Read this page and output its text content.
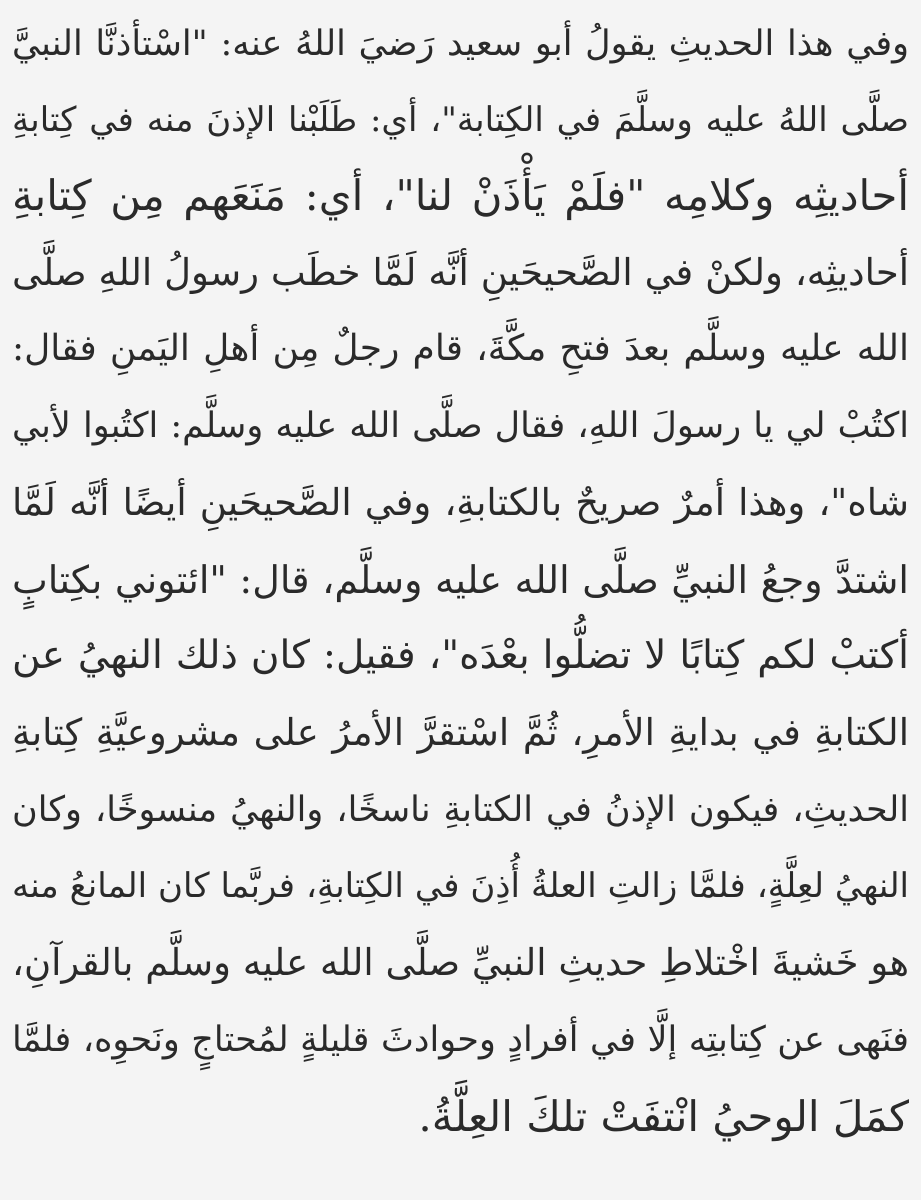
وفي هذا الحديثِ يقولُ أبو سعيد رَضيَ اللهُ عنه: "اسْتأذنَّا النبيَّ
صلَّى اللهُ عليه وسلَّمَ في الكِتابة"، أي: طَلَبْنا الإذنَ منه في كِتابةِ
أحاديثِه وكلامِه "فلَمْ يَأْذَنْ لنا"، أي: مَنَعَهم مِن كِتابةِ
أحاديثِه، ولكنْ في الصَّحيحَينِ أنَّه لَمَّا خطَب رسولُ اللهِ صلَّى
الله عليه وسلَّم بعدَ فتحِ مكَّةَ، قام رجلٌ مِن أهلِ اليَمنِ فقال:
اكتُبْ لي يا رسولَ اللهِ، فقال صلَّى الله عليه وسلَّم: اكتُبوا لأبي
شاه"، وهذا أمرٌ صريحٌ بالكتابةِ، وفي الصَّحيحَينِ أيضًا أنَّه لَمَّا
اشتدَّ وجعُ النبيِّ صلَّى الله عليه وسلَّم، قال: "ائتوني بكِتابٍ
أكتبْ لكم كِتابًا لا تضلُّوا بعْدَه"، فقيل: كان ذلك النهيُ عن
الكتابةِ في بدايةِ الأمرِ، ثُمَّ اسْتقرَّ الأمرُ على مشروعيَّةِ كِتابةِ
الحديثِ، فيكون الإذنُ في الكتابةِ ناسخًا، والنهيُ منسوخًا، وكان
النهيُ لعِلَّةٍ، فلمَّا زالتِ العلةُ أُذِنَ في الكِتابةِ، فربَّما كان المانعُ منه
هو خَشيةَ اخْتلاطِ حديثِ النبيِّ صلَّى الله عليه وسلَّم بالقرآنِ،
فنَهى عن كِتابتِه إلَّا في أفرادٍ وحوادثَ قليلةٍ لمُحتاجٍ ونَحوِه، فلمَّا
كمَلَ الوحيُ انْتفَتْ تلكَ العِلَّةُ.
